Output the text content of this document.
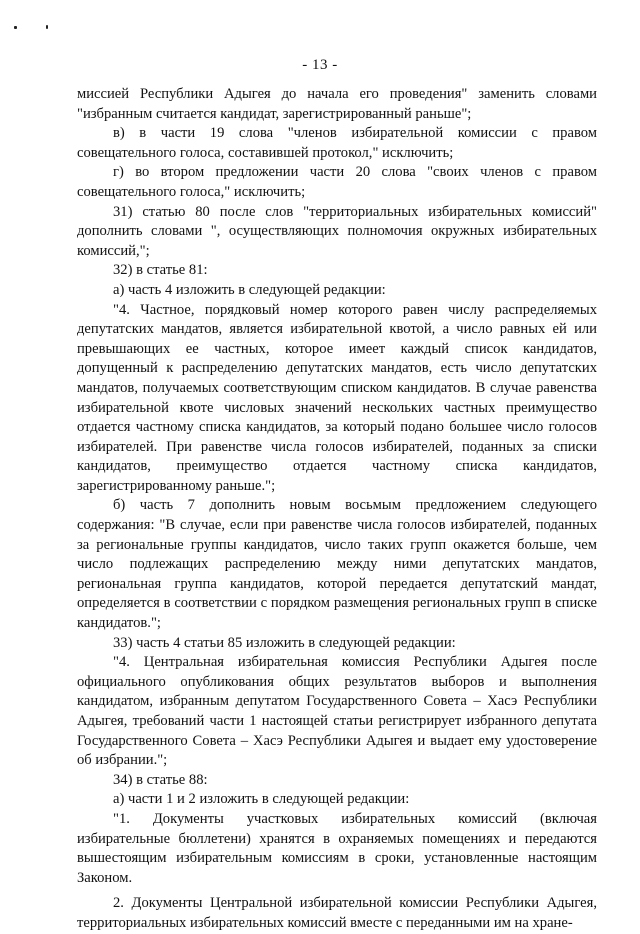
- 13 -

миссией Республики Адыгея до начала его проведения" заменить словами "избранным считается кандидат, зарегистрированный раньше";

в) в части 19 слова "членов избирательной комиссии с правом совещательного голоса, составившей протокол," исключить;

г) во втором предложении части 20 слова "своих членов с правом совещательного голоса," исключить;

31) статью 80 после слов "территориальных избирательных комиссий" дополнить словами ", осуществляющих полномочия окружных избирательных комиссий,";

32) в статье 81:

а) часть 4 изложить в следующей редакции:

"4. Частное, порядковый номер которого равен числу распределяемых депутатских мандатов, является избирательной квотой, а число равных ей или превышающих ее частных, которое имеет каждый список кандидатов, допущенный к распределению депутатских мандатов, есть число депутатских мандатов, получаемых соответствующим списком кандидатов. В случае равенства избирательной квоте числовых значений нескольких частных преимущество отдается частному списка кандидатов, за который подано большее число голосов избирателей. При равенстве числа голосов избирателей, поданных за списки кандидатов, преимущество отдается частному списка кандидатов, зарегистрированному раньше.";

б) часть 7 дополнить новым восьмым предложением следующего содержания: "В случае, если при равенстве числа голосов избирателей, поданных за региональные группы кандидатов, число таких групп окажется больше, чем число подлежащих распределению между ними депутатских мандатов, региональная группа кандидатов, которой передается депутатский мандат, определяется в соответствии с порядком размещения региональных групп в списке кандидатов.";

33) часть 4 статьи 85 изложить в следующей редакции:

"4. Центральная избирательная комиссия Республики Адыгея после официального опубликования общих результатов выборов и выполнения кандидатом, избранным депутатом Государственного Совета – Хасэ Республики Адыгея, требований части 1 настоящей статьи регистрирует избранного депутата Государственного Совета – Хасэ Республики Адыгея и выдает ему удостоверение об избрании.";

34) в статье 88:

а) части 1 и 2 изложить в следующей редакции:

"1. Документы участковых избирательных комиссий (включая избирательные бюллетени) хранятся в охраняемых помещениях и передаются вышестоящим избирательным комиссиям в сроки, установленные настоящим Законом.

2. Документы Центральной избирательной комиссии Республики Адыгея, территориальных избирательных комиссий вместе с переданными им на хране-
